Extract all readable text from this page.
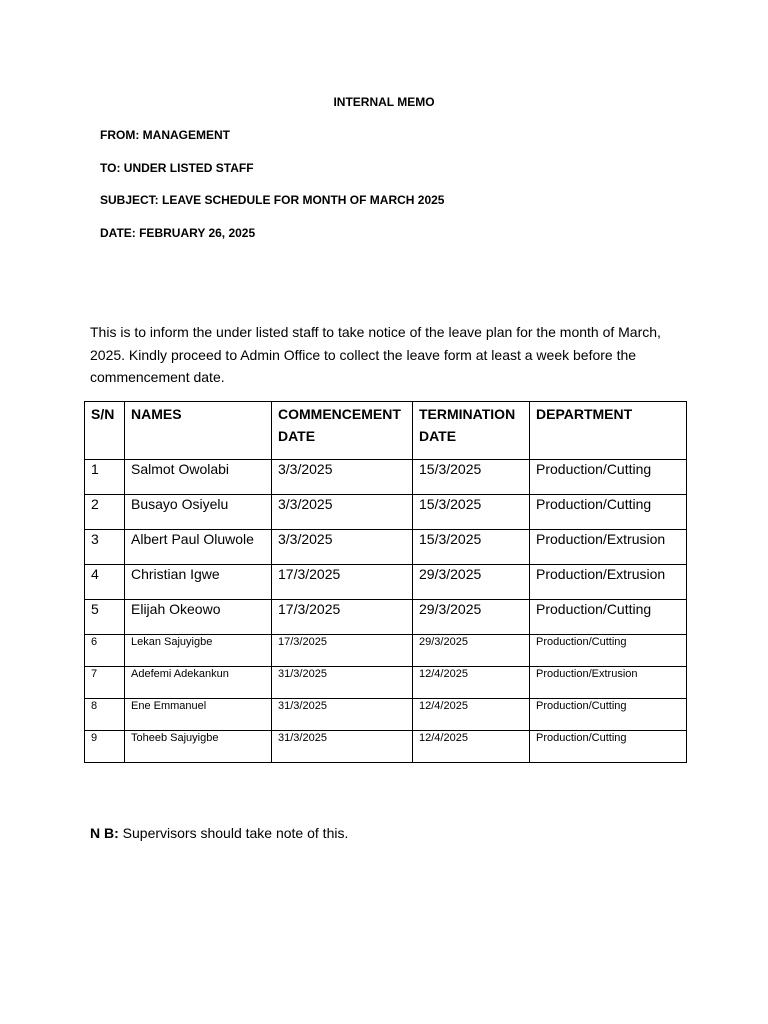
INTERNAL MEMO
FROM: MANAGEMENT
TO: UNDER LISTED STAFF
SUBJECT: LEAVE SCHEDULE FOR MONTH OF MARCH 2025
DATE: FEBRUARY 26, 2025
This is to inform the under listed staff to take notice of the leave plan for the month of March, 2025. Kindly proceed to Admin Office to collect the leave form at least a week before the commencement date.
S/N	NAMES	COMMENCEMENT DATE	TERMINATION DATE	DEPARTMENT
1	Salmot Owolabi	3/3/2025	15/3/2025	Production/Cutting
2	Busayo Osiyelu	3/3/2025	15/3/2025	Production/Cutting
3	Albert Paul Oluwole	3/3/2025	15/3/2025	Production/Extrusion
4	Christian Igwe	17/3/2025	29/3/2025	Production/Extrusion
5	Elijah Okeowo	17/3/2025	29/3/2025	Production/Cutting
6	Lekan Sajuyigbe	17/3/2025	29/3/2025	Production/Cutting
7	Adefemi Adekankun	31/3/2025	12/4/2025	Production/Extrusion
8	Ene Emmanuel	31/3/2025	12/4/2025	Production/Cutting
9	Toheeb Sajuyigbe	31/3/2025	12/4/2025	Production/Cutting
N B: Supervisors should take note of this.
